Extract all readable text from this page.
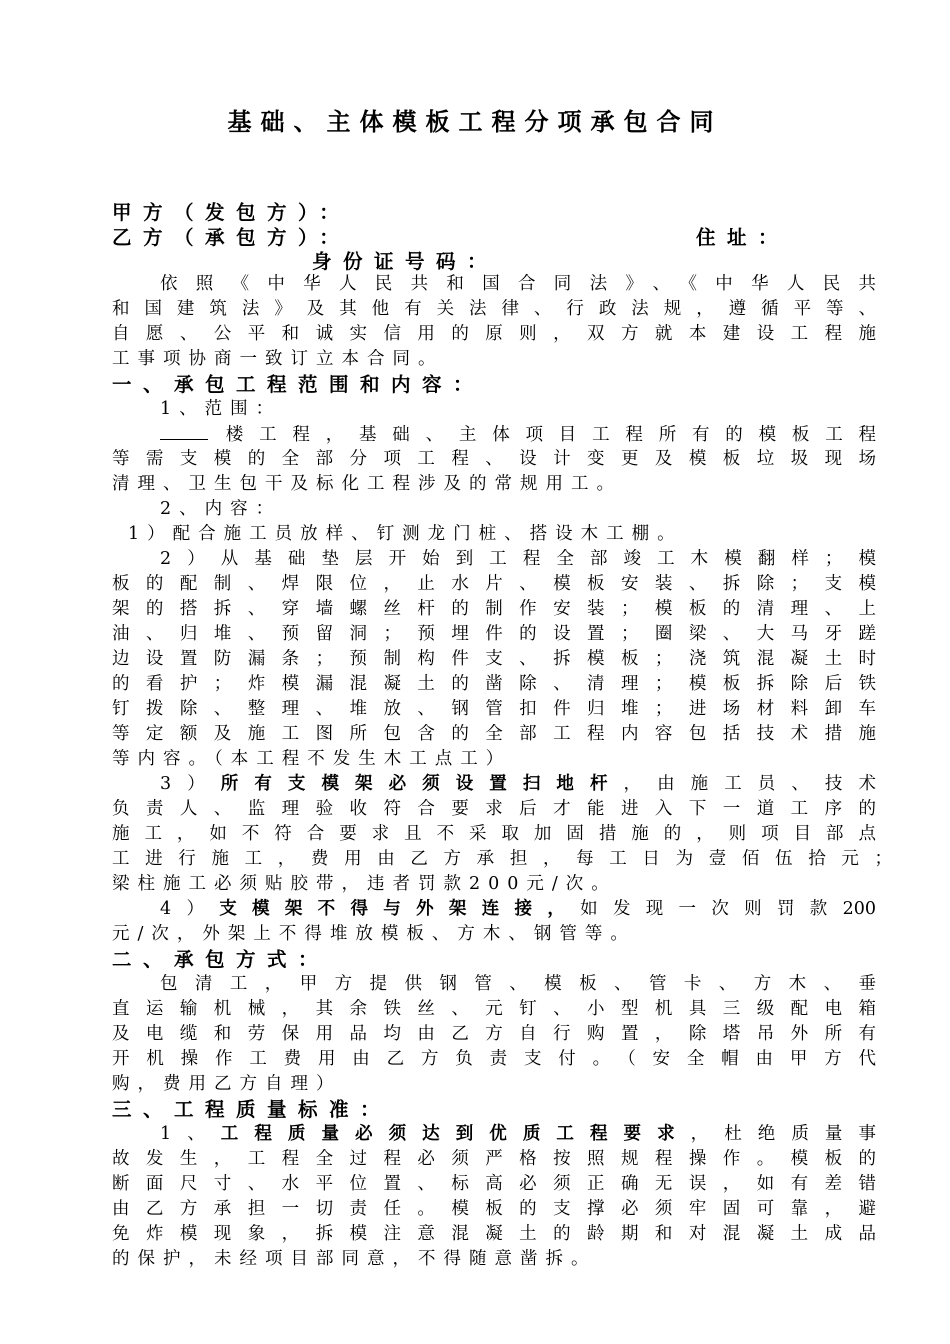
基础、主体模板工程分项承包合同
甲方（发包方）：
乙方（承包方）：	住址：
身份证号码：
依照《中华人民共和国合同法》、《中华人民共
和国建筑法》及其他有关法律、行政法规，遵循平等、
自愿、公平和诚实信用的原则，双方就本建设工程施
工事项协商一致订立本合同。
一、承包工程范围和内容：
1、范围：
楼工程，基础、主体项目工程所有的模板工程
等需支模的全部分项工程、设计变更及模板垃圾现场
清理、卫生包干及标化工程涉及的常规用工。
2、内容：
1）配合施工员放样、钉测龙门桩、搭设木工棚。
2）从基础垫层开始到工程全部竣工木模翻样；模
板的配制、焊限位，止水片、模板安装、拆除；支模
架的搭拆、穿墙螺丝杆的制作安装；模板的清理、上
油、归堆、预留洞；预埋件的设置；圈梁、大马牙蹉
边设置防漏条；预制构件支、拆模板；浇筑混凝土时
的看护；炸模漏混凝土的凿除、清理；模板拆除后铁
钉拨除、整理、堆放、钢管扣件归堆；进场材料卸车
等定额及施工图所包含的全部工程内容包括技术措施
等内容。（本工程不发生木工点工）
3）所有支模架必须设置扫地杆，由施工员、技术
负责人、监理验收符合要求后才能进入下一道工序的
施工，如不符合要求且不采取加固措施的，则项目部点
工进行施工，费用由乙方承担，每工日为壹佰伍拾元；
梁柱施工必须贴胶带，违者罚款200元/次。
4）支模架不得与外架连接，如发现一次则罚款200
元/次，外架上不得堆放模板、方木、钢管等。
二、承包方式：
包清工，甲方提供钢管、模板、管卡、方木、垂
直运输机械，其余铁丝、元钉、小型机具三级配电箱
及电缆和劳保用品均由乙方自行购置，除塔吊外所有
开机操作工费用由乙方负责支付。（安全帽由甲方代
购，费用乙方自理）
三、工程质量标准：
1、工程质量必须达到优质工程要求，杜绝质量事
故发生，工程全过程必须严格按照规程操作。模板的
断面尺寸、水平位置、标高必须正确无误，如有差错
由乙方承担一切责任。模板的支撑必须牢固可靠，避
免炸模现象，拆模注意混凝土的龄期和对混凝土成品
的保护，未经项目部同意，不得随意凿拆。
